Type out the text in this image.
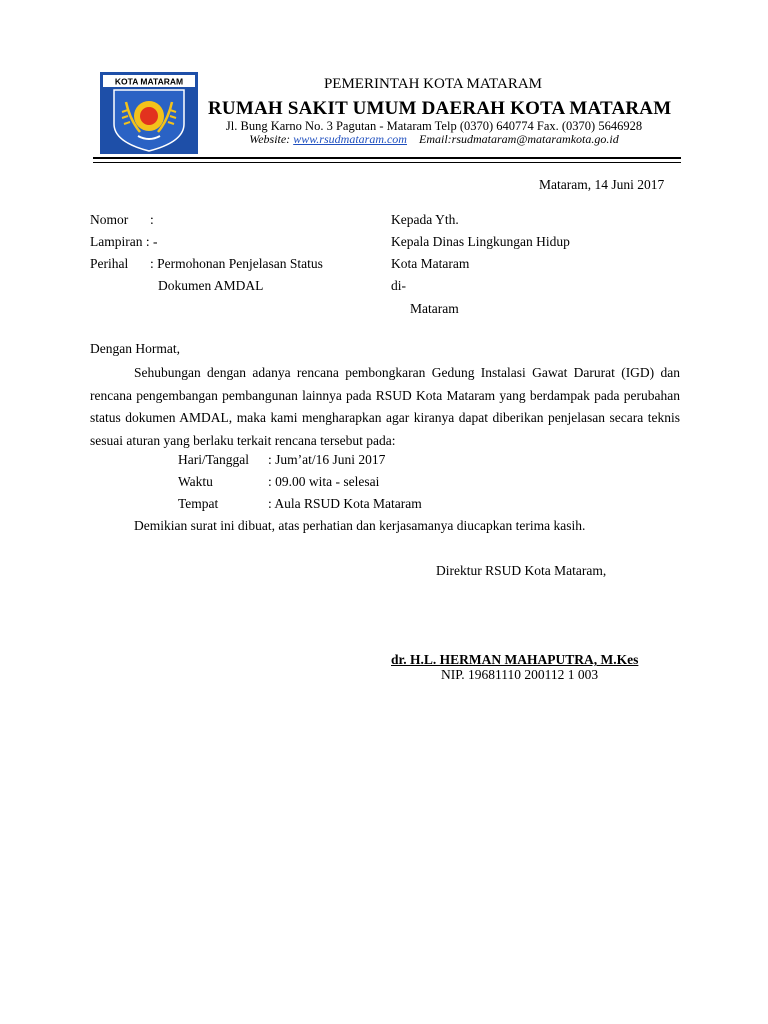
KOTA MATARAM	PEMERINTAH KOTA MATARAM
RUMAH SAKIT UMUM DAERAH KOTA MATARAM
Jl. Bung Karno No. 3 Pagutan - Mataram Telp (0370) 640774 Fax. (0370) 5646928
Website: www.rsudmataram.com Email:rsudmataram@mataramkota.go.id
Mataram, 14 Juni 2017
Nomor :
Lampiran : -
Perihal : Permohonan Penjelasan Status
Dokumen AMDAL
Kepada Yth.
Kepala Dinas Lingkungan Hidup
Kota Mataram
di-
Mataram
Dengan Hormat,
Sehubungan dengan adanya rencana pembongkaran Gedung Instalasi Gawat Darurat (IGD) dan rencana pengembangan pembangunan lainnya pada RSUD Kota Mataram yang berdampak pada perubahan status dokumen AMDAL, maka kami mengharapkan agar kiranya dapat diberikan penjelasan secara teknis sesuai aturan yang berlaku terkait rencana tersebut pada:
Hari/Tanggal : Jum’at/16 Juni 2017
Waktu	: 09.00 wita - selesai
Tempat	: Aula RSUD Kota Mataram
Demikian surat ini dibuat, atas perhatian dan kerjasamanya diucapkan terima kasih.
Direktur RSUD Kota Mataram,
dr. H.L. HERMAN MAHAPUTRA, M.Kes
NIP. 19681110 200112 1 003
